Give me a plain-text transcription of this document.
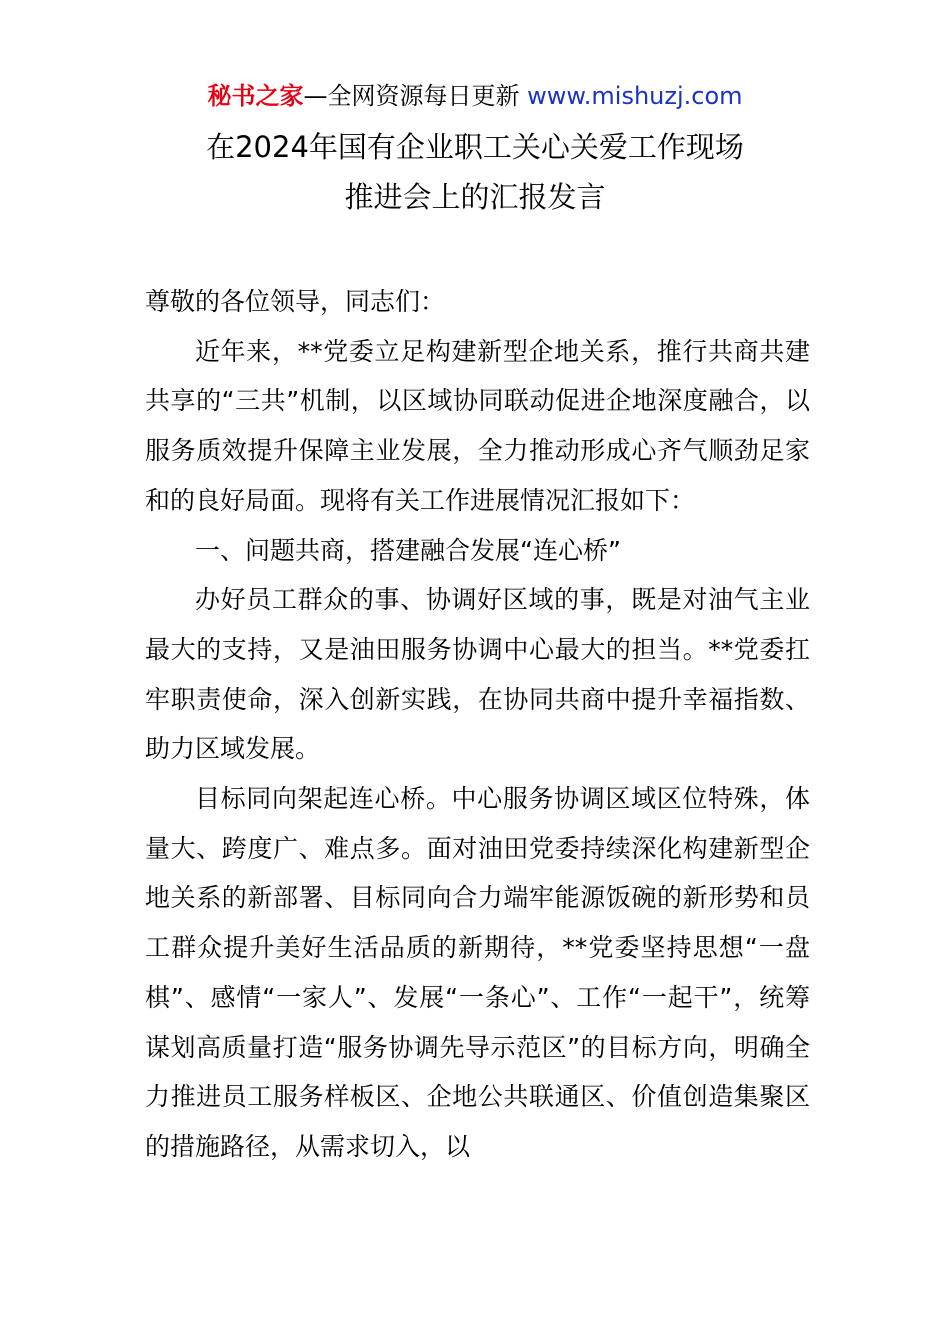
秘书之家—全网资源每日更新 www.mishuzj.com
在2024年国有企业职工关心关爱工作现场
推进会上的汇报发言

尊敬的各位领导，同志们：

近年来，**党委立足构建新型企地关系，推行共商共建共享的“三共”机制，以区域协同联动促进企地深度融合，以服务质效提升保障主业发展，全力推动形成心齐气顺劲足家和的良好局面。现将有关工作进展情况汇报如下：

一、问题共商，搭建融合发展“连心桥”

办好员工群众的事、协调好区域的事，既是对油气主业最大的支持，又是油田服务协调中心最大的担当。**党委扛牢职责使命，深入创新实践，在协同共商中提升幸福指数、助力区域发展。

目标同向架起连心桥。中心服务协调区域区位特殊，体量大、跨度广、难点多。面对油田党委持续深化构建新型企地关系的新部署、目标同向合力端牢能源饭碗的新形势和员工群众提升美好生活品质的新期待，**党委坚持思想“一盘棋”、感情“一家人”、发展“一条心”、工作“一起干”，统筹谋划高质量打造“服务协调先导示范区”的目标方向，明确全力推进员工服务样板区、企地公共联通区、价值创造集聚区的措施路径，从需求切入，以
